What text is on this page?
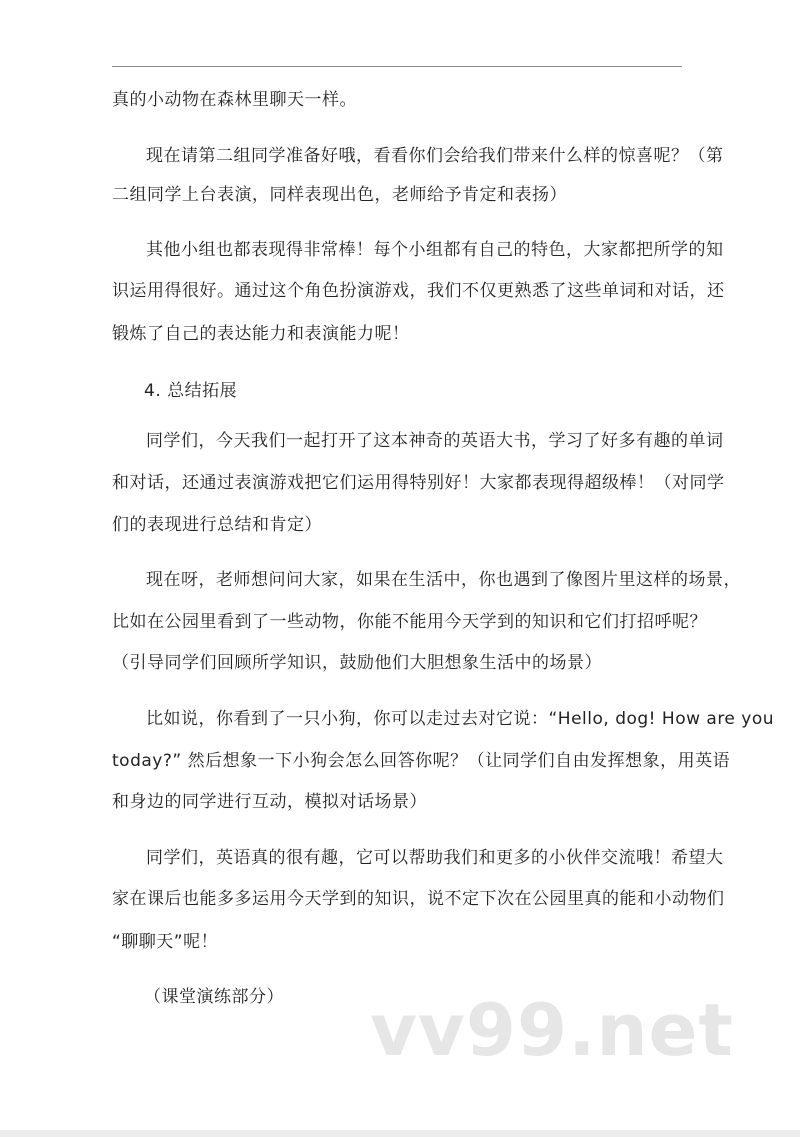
真的小动物在森林里聊天一样。
现在请第二组同学准备好哦，看看你们会给我们带来什么样的惊喜呢？（第
二组同学上台表演，同样表现出色，老师给予肯定和表扬）
其他小组也都表现得非常棒！每个小组都有自己的特色，大家都把所学的知
识运用得很好。通过这个角色扮演游戏，我们不仅更熟悉了这些单词和对话，还
锻炼了自己的表达能力和表演能力呢！
4. 总结拓展
同学们，今天我们一起打开了这本神奇的英语大书，学习了好多有趣的单词
和对话，还通过表演游戏把它们运用得特别好！大家都表现得超级棒！（对同学
们的表现进行总结和肯定）
现在呀，老师想问问大家，如果在生活中，你也遇到了像图片里这样的场景，
比如在公园里看到了一些动物，你能不能用今天学到的知识和它们打招呼呢？
（引导同学们回顾所学知识，鼓励他们大胆想象生活中的场景）
比如说，你看到了一只小狗，你可以走过去对它说：“Hello, dog! How are you
today?” 然后想象一下小狗会怎么回答你呢？（让同学们自由发挥想象，用英语
和身边的同学进行互动，模拟对话场景）
同学们，英语真的很有趣，它可以帮助我们和更多的小伙伴交流哦！希望大
家在课后也能多多运用今天学到的知识，说不定下次在公园里真的能和小动物们
“聊聊天”呢！
（课堂演练部分） vv99.net
